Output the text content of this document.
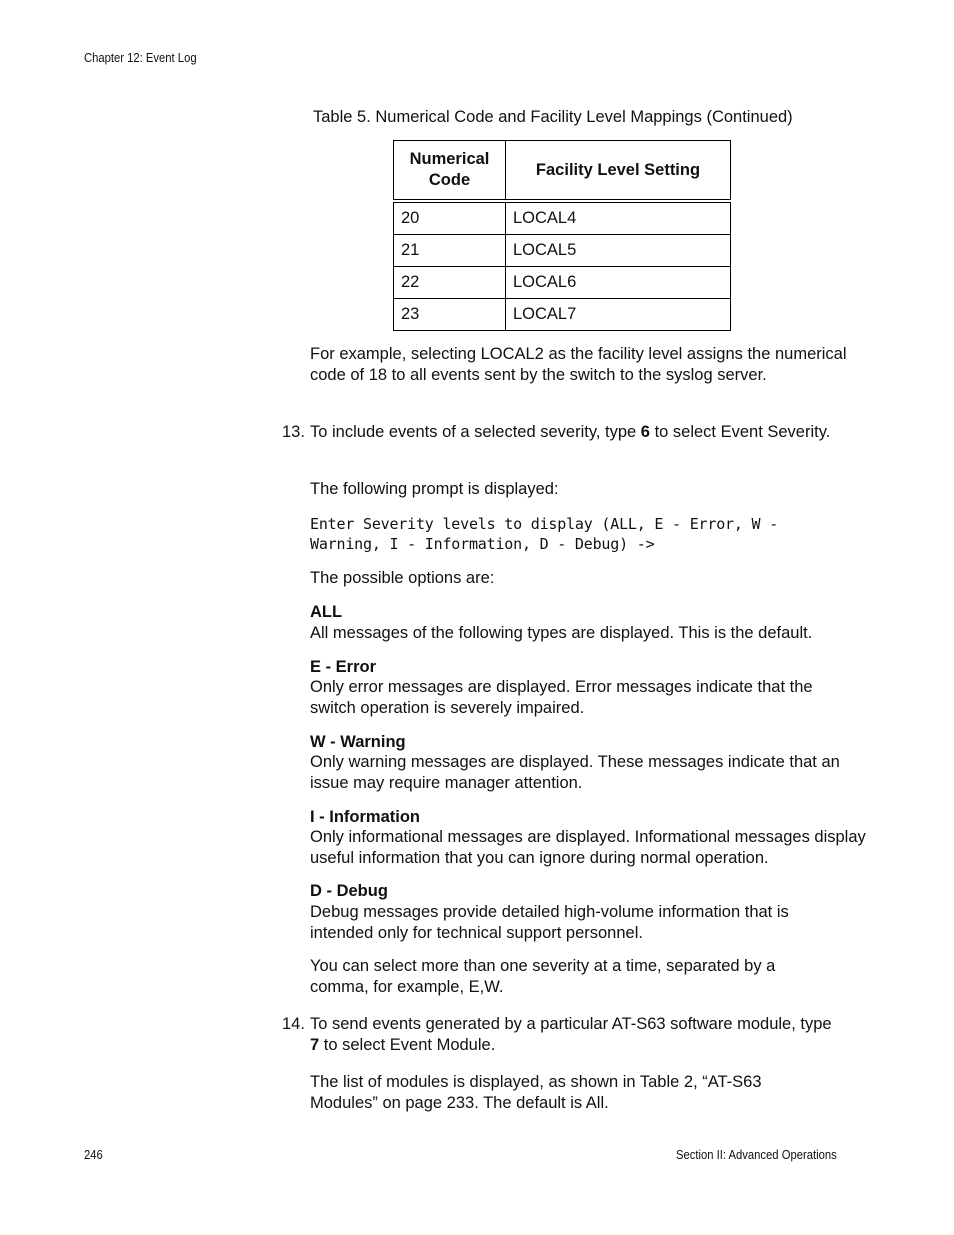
Chapter 12: Event Log
Table 5. Numerical Code and Facility Level Mappings (Continued)
Numerical Code	Facility Level Setting
20	LOCAL4
21	LOCAL5
22	LOCAL6
23	LOCAL7
For example, selecting LOCAL2 as the facility level assigns the numerical code of 18 to all events sent by the switch to the syslog server.
13. To include events of a selected severity, type 6 to select Event Severity.
The following prompt is displayed:
Enter Severity levels to display (ALL, E - Error, W -
Warning, I - Information, D - Debug) ->
The possible options are:
ALL
All messages of the following types are displayed. This is the default.
E - Error
Only error messages are displayed. Error messages indicate that the switch operation is severely impaired.
W - Warning
Only warning messages are displayed. These messages indicate that an issue may require manager attention.
I - Information
Only informational messages are displayed. Informational messages display useful information that you can ignore during normal operation.
D - Debug
Debug messages provide detailed high-volume information that is intended only for technical support personnel.
You can select more than one severity at a time, separated by a comma, for example, E,W.
14. To send events generated by a particular AT-S63 software module, type 7 to select Event Module.
The list of modules is displayed, as shown in Table 2, “AT-S63 Modules” on page 233. The default is All.
246	Section II: Advanced Operations
